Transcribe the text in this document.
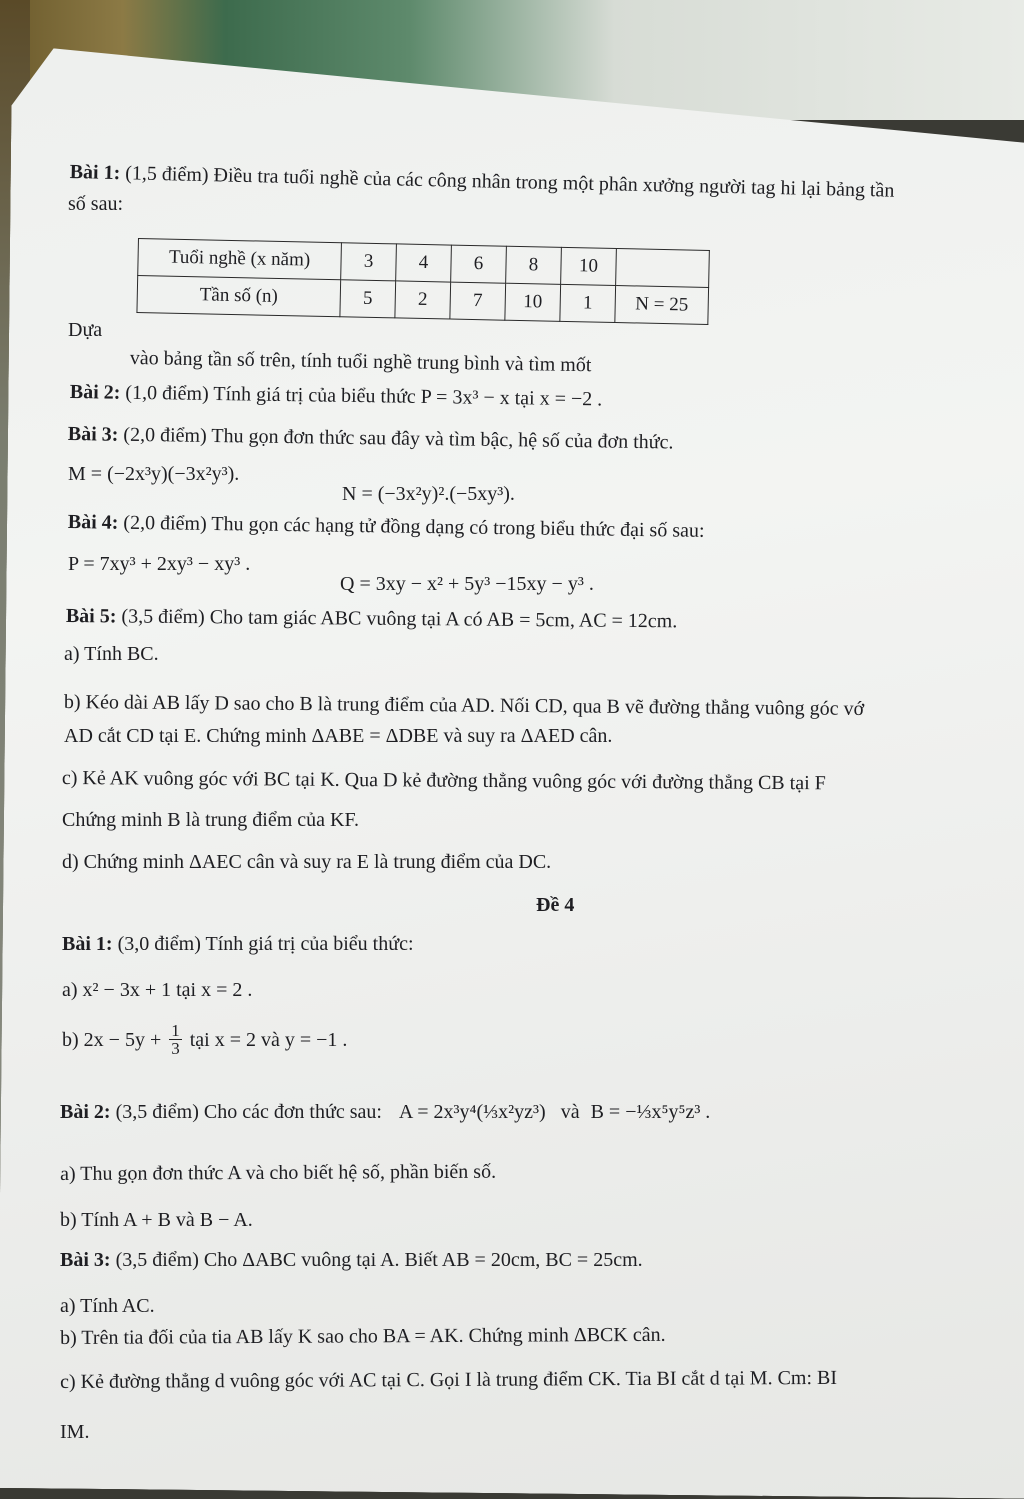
Bài 1: (1,5 điểm) Điều tra tuổi nghề của các công nhân trong một phân xưởng người tag hi lại bảng tần
số sau:
Tuổi nghề (x năm)	3	4	6	8	10	
Tần số (n)	5	2	7	10	1	N = 25
Dựa
vào bảng tần số trên, tính tuổi nghề trung bình và tìm mốt
Bài 2: (1,0 điểm) Tính giá trị của biểu thức P = 3x³ − x tại x = −2 .
Bài 3: (2,0 điểm) Thu gọn đơn thức sau đây và tìm bậc, hệ số của đơn thức.
M = (−2x³y)(−3x²y³).
N = (−3x²y)².(−5xy³).
Bài 4: (2,0 điểm) Thu gọn các hạng tử đồng dạng có trong biểu thức đại số sau:
P = 7xy³ + 2xy³ − xy³ .
Q = 3xy − x² + 5y³ −15xy − y³ .
Bài 5: (3,5 điểm) Cho tam giác ABC vuông tại A có AB = 5cm, AC = 12cm.
a) Tính BC.
b) Kéo dài AB lấy D sao cho B là trung điểm của AD. Nối CD, qua B vẽ đường thẳng vuông góc vớ
AD cắt CD tại E. Chứng minh ΔABE = ΔDBE và suy ra ΔAED cân.
c) Kẻ AK vuông góc với BC tại K. Qua D kẻ đường thẳng vuông góc với đường thẳng CB tại F
Chứng minh B là trung điểm của KF.
d) Chứng minh ΔAEC cân và suy ra E là trung điểm của DC.
Đề 4
Bài 1: (3,0 điểm) Tính giá trị của biểu thức:
a) x² − 3x + 1 tại x = 2 .
b) $2x - 5y + \frac{1}{3}$ tại x = 2 và y = −1 .
Bài 2: (3,5 điểm) Cho các đơn thức sau: A = 2x³y⁴(⅓x²yz³) và B = −⅓x⁵y⁵z³ .
a) Thu gọn đơn thức A và cho biết hệ số, phần biến số.
b) Tính A + B và B − A.
Bài 3: (3,5 điểm) Cho ΔABC vuông tại A. Biết AB = 20cm, BC = 25cm.
a) Tính AC.
b) Trên tia đối của tia AB lấy K sao cho BA = AK. Chứng minh ΔBCK cân.
c) Kẻ đường thẳng d vuông góc với AC tại C. Gọi I là trung điểm CK. Tia BI cắt d tại M. Cm: BI
IM.
